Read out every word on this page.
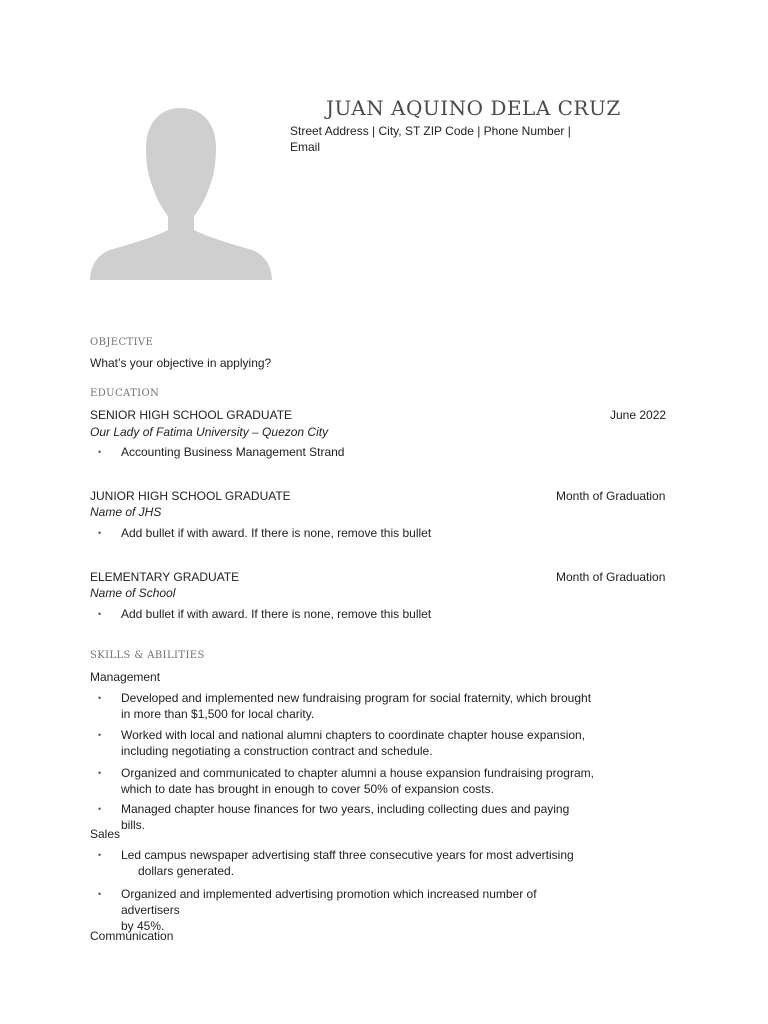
JUAN AQUINO DELA CRUZ
Street Address | City, ST ZIP Code | Phone Number |
Email
OBJECTIVE
What’s your objective in applying?
EDUCATION
SENIOR HIGH SCHOOL GRADUATE	June 2022
Our Lady of Fatima University – Quezon City
• Accounting Business Management Strand
JUNIOR HIGH SCHOOL GRADUATE	Month of Graduation
Name of JHS
• Add bullet if with award. If there is none, remove this bullet
ELEMENTARY GRADUATE	Month of Graduation
Name of School
• Add bullet if with award. If there is none, remove this bullet
SKILLS & ABILITIES
Management
• Developed and implemented new fundraising program for social fraternity, which brought
in more than $1,500 for local charity.
• Worked with local and national alumni chapters to coordinate chapter house expansion,
including negotiating a construction contract and schedule.
• Organized and communicated to chapter alumni a house expansion fundraising program,
which to date has brought in enough to cover 50% of expansion costs.
• Managed chapter house finances for two years, including collecting dues and paying bills.
Sales
• Led campus newspaper advertising staff three consecutive years for most advertising
dollars generated.
• Organized and implemented advertising promotion which increased number of advertisers
by 45%.
Communication
